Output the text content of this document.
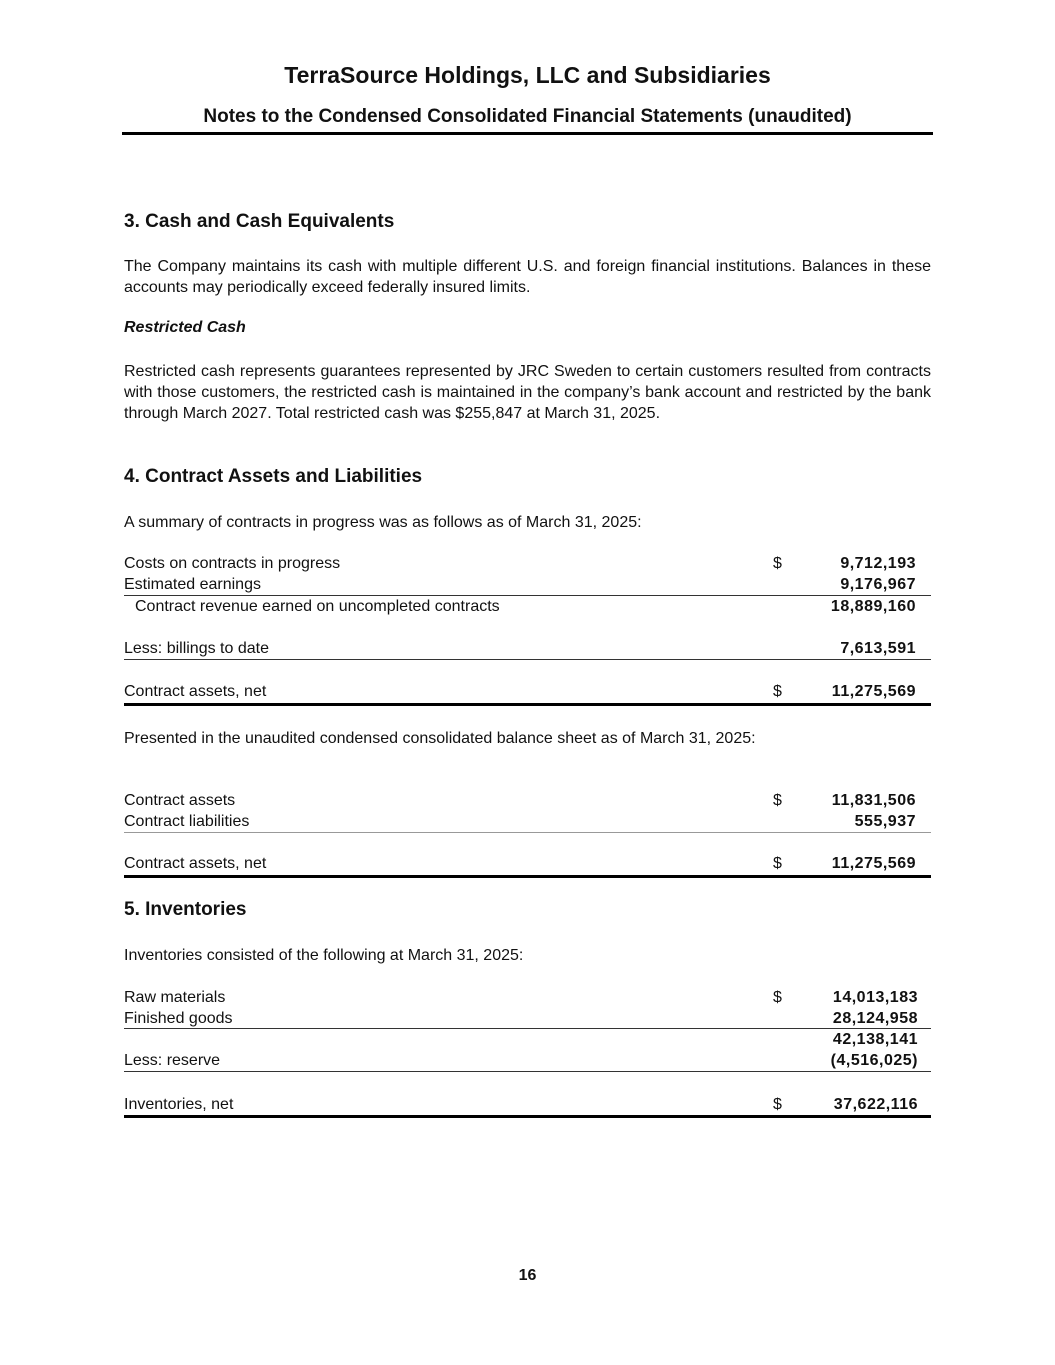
TerraSource Holdings, LLC and Subsidiaries
Notes to the Condensed Consolidated Financial Statements (unaudited)
3. Cash and Cash Equivalents
The Company maintains its cash with multiple different U.S. and foreign financial institutions. Balances in these accounts may periodically exceed federally insured limits.
Restricted Cash
Restricted cash represents guarantees represented by JRC Sweden to certain customers resulted from contracts with those customers, the restricted cash is maintained in the company’s bank account and restricted by the bank through March 2027. Total restricted cash was $255,847 at March 31, 2025.
4. Contract Assets and Liabilities
A summary of contracts in progress was as follows as of March 31, 2025:
Costs on contracts in progress	$	9,712,193
Estimated earnings	9,176,967
Contract revenue earned on uncompleted contracts	18,889,160
Less: billings to date	7,613,591
Contract assets, net	$	11,275,569
Presented in the unaudited condensed consolidated balance sheet as of March 31, 2025:
Contract assets	$	11,831,506
Contract liabilities	555,937
Contract assets, net	$	11,275,569
5. Inventories
Inventories consisted of the following at March 31, 2025:
Raw materials	$	14,013,183
Finished goods	28,124,958
42,138,141
Less: reserve	(4,516,025)
Inventories, net	$	37,622,116
16
